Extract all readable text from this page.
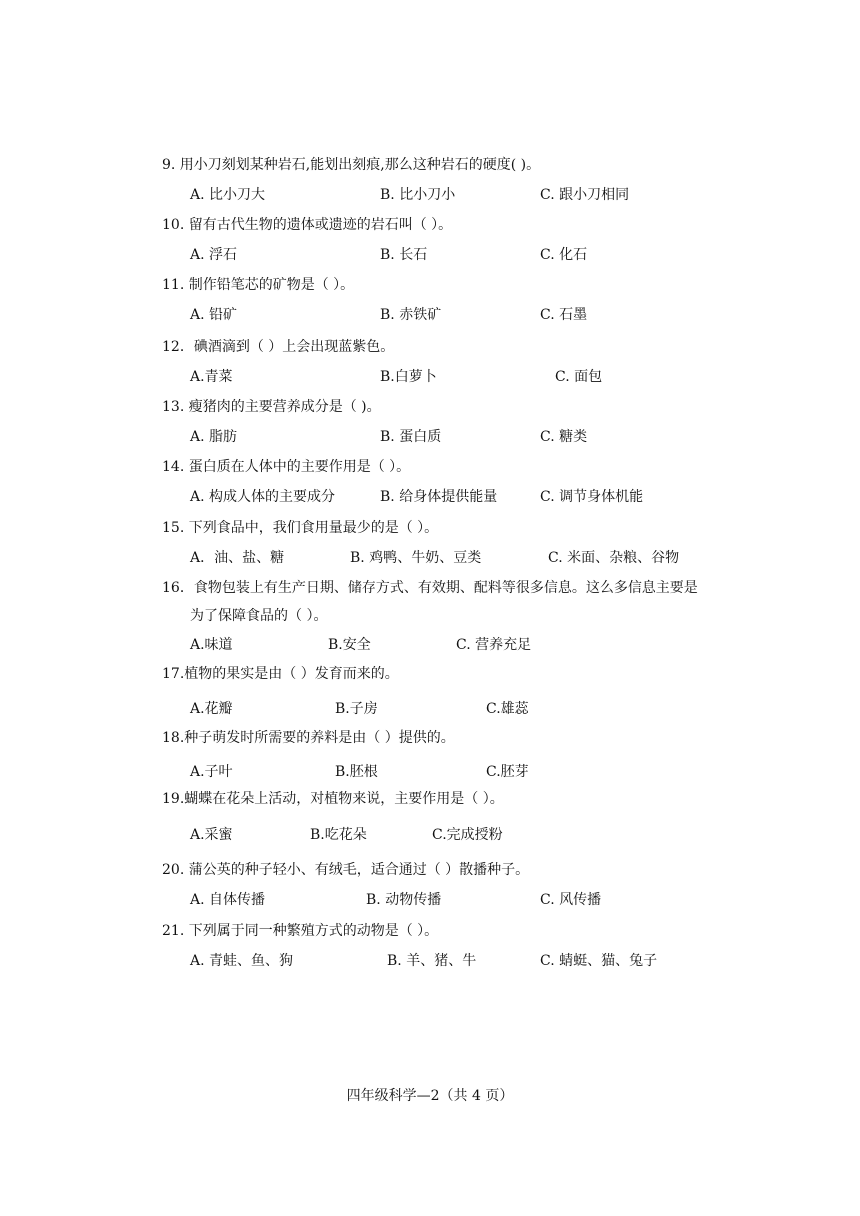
9. 用小刀刻划某种岩石,能划出刻痕,那么这种岩石的硬度( )。
A. 比小刀大	B. 比小刀小	C. 跟小刀相同
10. 留有古代生物的遗体或遗迹的岩石叫（ ）。
A. 浮石	B. 长石	C. 化石
11. 制作铅笔芯的矿物是（ ）。
A. 铅矿	B. 赤铁矿	C. 石墨
12．碘酒滴到（ ）上会出现蓝紫色。
A.青菜	B.白萝卜	C. 面包
13. 瘦猪肉的主要营养成分是（ )。
A. 脂肪	B. 蛋白质	C. 糖类
14. 蛋白质在人体中的主要作用是（ ）。
A. 构成人体的主要成分	B. 给身体提供能量	C. 调节身体机能
15. 下列食品中，我们食用量最少的是（ ）。
A．油、盐、糖	B. 鸡鸭、牛奶、豆类	C. 米面、杂粮、谷物
16．食物包装上有生产日期、储存方式、有效期、配料等很多信息。这么多信息主要是
为了保障食品的（ ）。
A.味道	B.安全	C. 营养充足
17.植物的果实是由（ ）发育而来的。
A.花瓣	B.子房	C.雄蕊
18.种子萌发时所需要的养料是由（ ）提供的。
A.子叶	B.胚根	C.胚芽
19.蝴蝶在花朵上活动，对植物来说，主要作用是（ ）。
A.采蜜	B.吃花朵	C.完成授粉
20. 蒲公英的种子轻小、有绒毛，适合通过（ ）散播种子。
A. 自体传播	B. 动物传播	C. 风传播
21. 下列属于同一种繁殖方式的动物是（ ）。
A. 青蛙、鱼、狗	B. 羊、猪、牛	C. 蜻蜓、猫、兔子
四年级科学—2（共 4 页）
